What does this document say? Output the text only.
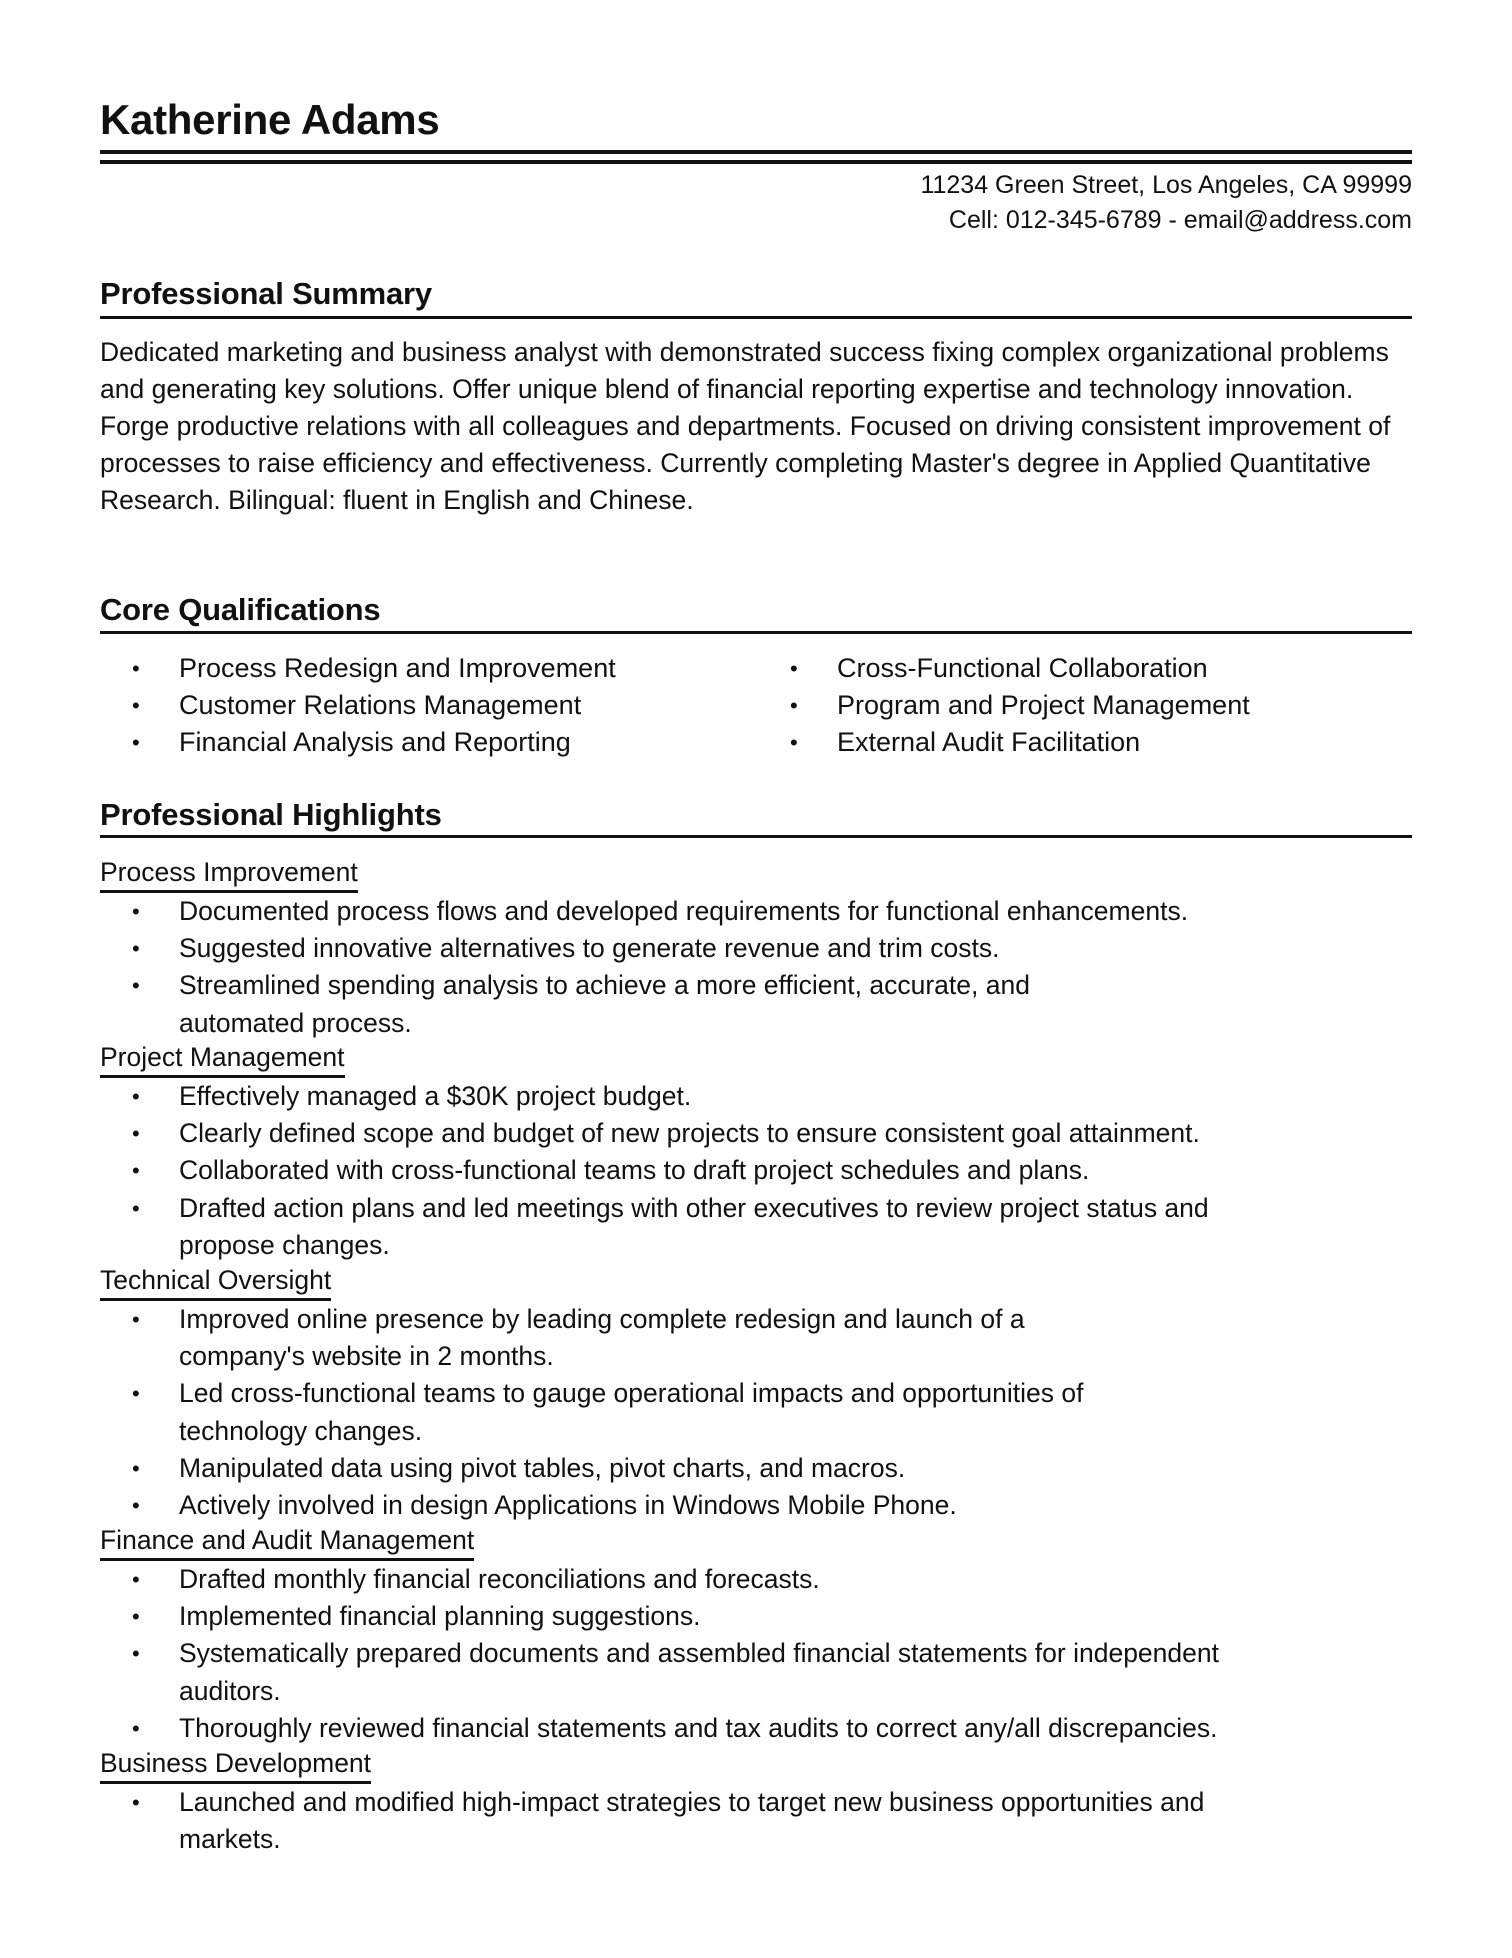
Katherine Adams
11234 Green Street, Los Angeles, CA 99999
Cell: 012-345-6789 - email@address.com
Professional Summary

Dedicated marketing and business analyst with demonstrated success fixing complex organizational problems and generating key solutions. Offer unique blend of financial reporting expertise and technology innovation. Forge productive relations with all colleagues and departments. Focused on driving consistent improvement of processes to raise efficiency and effectiveness. Currently completing Master's degree in Applied Quantitative Research. Bilingual: fluent in English and Chinese.

Core Qualifications
• Process Redesign and Improvement
• Customer Relations Management
• Financial Analysis and Reporting
• Cross-Functional Collaboration
• Program and Project Management
• External Audit Facilitation
Professional Highlights
Process Improvement
• Documented process flows and developed requirements for functional enhancements.
• Suggested innovative alternatives to generate revenue and trim costs.
• Streamlined spending analysis to achieve a more efficient, accurate, and automated process.
Project Management
• Effectively managed a $30K project budget.
• Clearly defined scope and budget of new projects to ensure consistent goal attainment.
• Collaborated with cross-functional teams to draft project schedules and plans.
• Drafted action plans and led meetings with other executives to review project status and propose changes.
Technical Oversight
• Improved online presence by leading complete redesign and launch of a company's website in 2 months.
• Led cross-functional teams to gauge operational impacts and opportunities of technology changes.
• Manipulated data using pivot tables, pivot charts, and macros.
• Actively involved in design Applications in Windows Mobile Phone.
Finance and Audit Management
• Drafted monthly financial reconciliations and forecasts.
• Implemented financial planning suggestions.
• Systematically prepared documents and assembled financial statements for independent auditors.
• Thoroughly reviewed financial statements and tax audits to correct any/all discrepancies.
Business Development
• Launched and modified high-impact strategies to target new business opportunities and markets.
